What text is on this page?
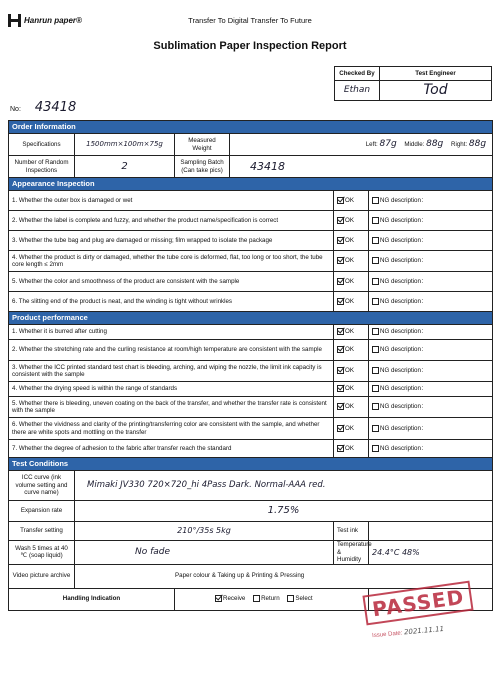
Hanrun paper®	Transfer To Digital Transfer To Future
Sublimation Paper Inspection Report
Checked By	Test Engineer
Ethan	Tod
No: 43418
Order Information					
Specifications	1500mm×100m×75g	Measured Weight	Left: 87g Middle: 88g Right: 88g		
Number of Random Inspections	2	Sampling Batch (Can take pics)	43418		
Appearance Inspection					
1. Whether the outer box is damaged or wet				OK	NG description：
2. Whether the label is complete and fuzzy, and whether the product name/specification is correct				OK	NG description：
3. Whether the tube bag and plug are damaged or missing; film wrapped to isolate the package				OK	NG description：
4. Whether the product is dirty or damaged, whether the tube core is deformed, flat, too long or too short, the tube core length ≤ 2mm				OK	NG description：
5. Whether the color and smoothness of the product are consistent with the sample				OK	NG description：
6. The slitting end of the product is neat, and the winding is tight without wrinkles				OK	NG description：
Product performance					
1. Whether it is burred after cutting				OK	NG description：
2. Whether the stretching rate and the curling resistance at room/high temperature are consistent with the sample				OK	NG description：
3. Whether the ICC printed standard test chart is bleeding, arching, and wiping the nozzle, the limit ink capacity is consistent with the sample				OK	NG description：
4. Whether the drying speed is within the range of standards				OK	NG description：
5. Whether there is bleeding, uneven coating on the back of the transfer, and whether the transfer rate is consistent with the sample				OK	NG description：
6. Whether the vividness and clarity of the printing/transferring color are consistent with the sample, and whether there are white spots and mottling on the transfer				OK	NG description：
7. Whether the degree of adhesion to the fabric after transfer reach the standard				OK	NG description：
Test Conditions					
ICC curve (ink volume setting and curve name)	Mimaki JV330 720×720_hi 4Pass Dark. Normal-AAA red.				
Expansion rate	1.75%				
Transfer setting	210°/35s 5kg			Test ink	
Wash 5 times at 40 ℃ (soap liquid)	No fade			Temperature & Humidity	24.4°C 48%
Video picture archive	Paper colour & Taking up & Printing & Pressing				
Handling Indication		Receive Return Select				PASSED
Issue Date: 2021.11.11
